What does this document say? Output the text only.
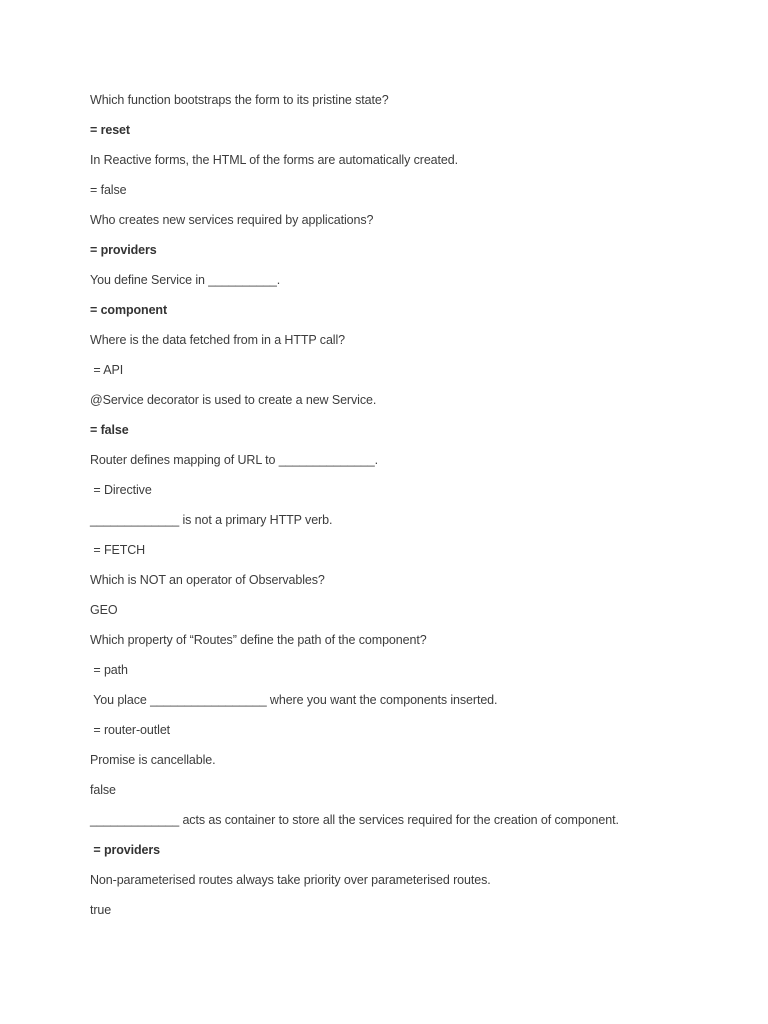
Which function bootstraps the form to its pristine state?
= reset
In Reactive forms, the HTML of the forms are automatically created.
= false
Who creates new services required by applications?
= providers
You define Service in __________.
= component
Where is the data fetched from in a HTTP call?
= API
@Service decorator is used to create a new Service.
= false
Router defines mapping of URL to ______________.
= Directive
_____________ is not a primary HTTP verb.
= FETCH
Which is NOT an operator of Observables?
GEO
Which property of “Routes” define the path of the component?
= path
You place _________________ where you want the components inserted.
= router-outlet
Promise is cancellable.
false
_____________ acts as container to store all the services required for the creation of component.
= providers
Non-parameterised routes always take priority over parameterised routes.
true
